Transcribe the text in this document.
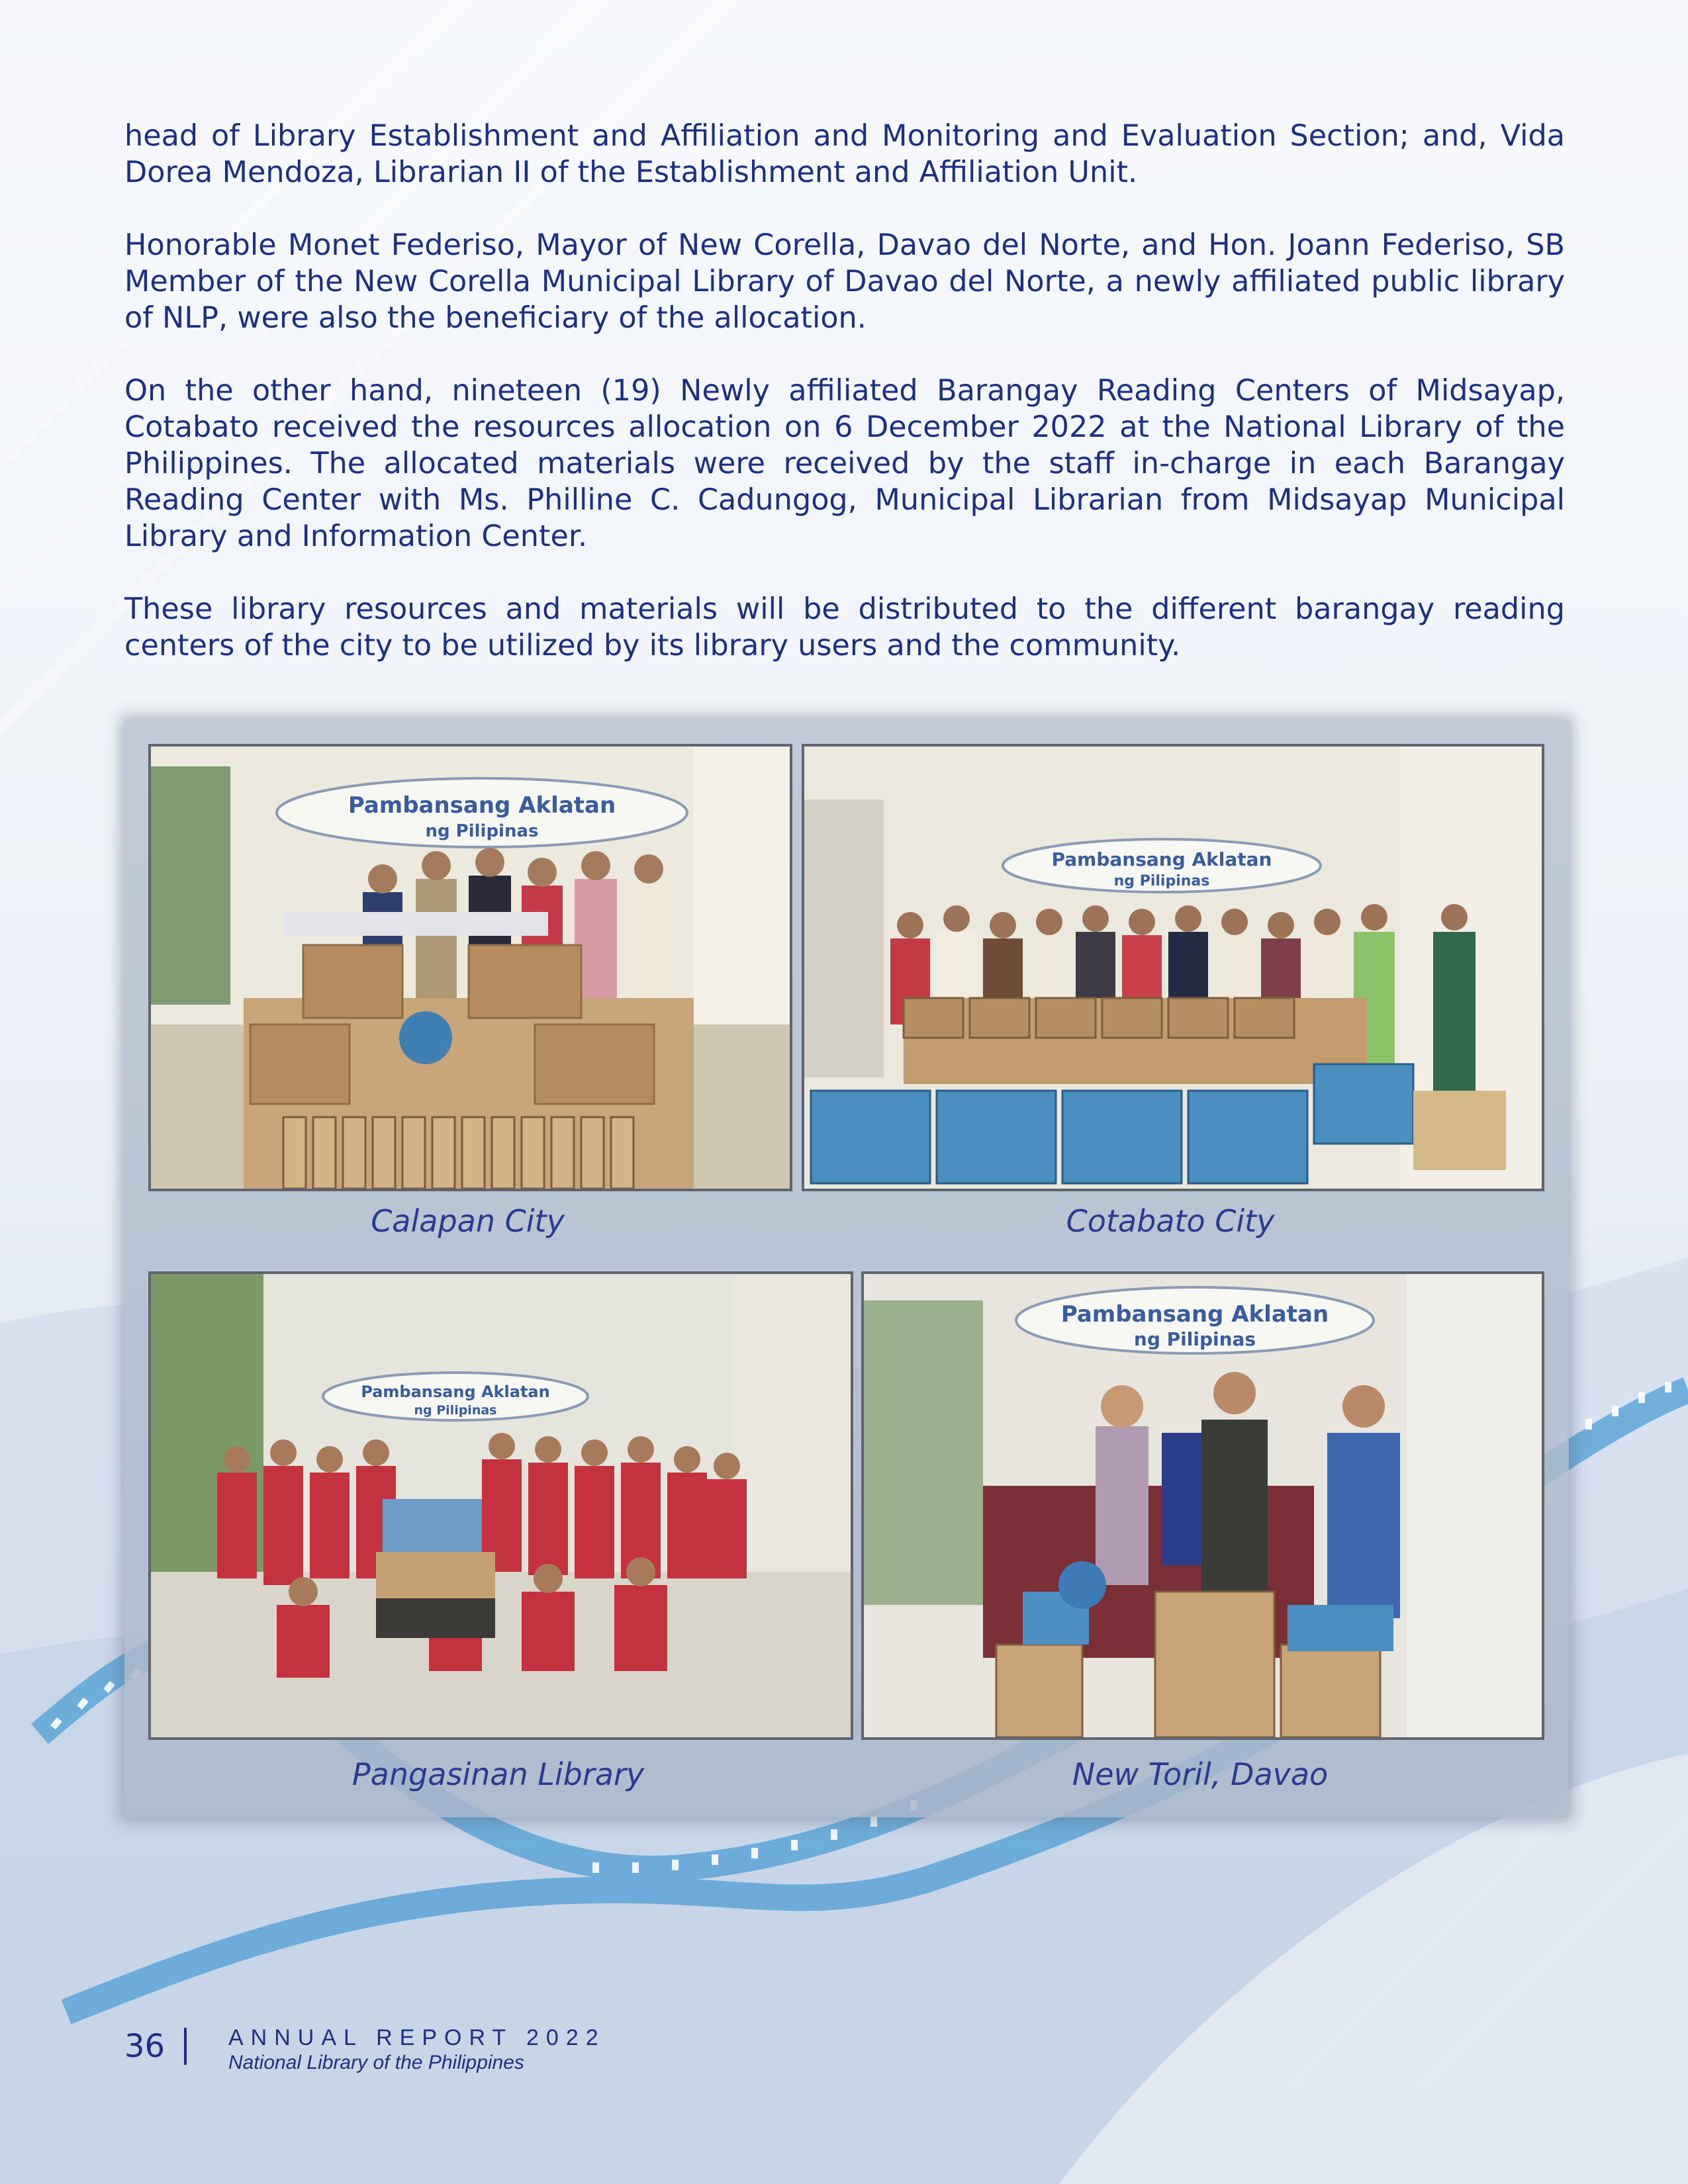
head of Library Establishment and Affiliation and Monitoring and Evaluation Section; and, Vida Dorea Mendoza, Librarian II of the Establishment and Affiliation Unit.

Honorable Monet Federiso, Mayor of New Corella, Davao del Norte, and Hon. Joann Federiso, SB Member of the New Corella Municipal Library of Davao del Norte, a newly affiliated public library of NLP, were also the beneficiary of the allocation.

On the other hand, nineteen (19) Newly affiliated Barangay Reading Centers of Midsayap, Cotabato received the resources allocation on 6 December 2022 at the National Library of the Philippines. The allocated materials were received by the staff in-charge in each Barangay Reading Center with Ms. Philline C. Cadungog, Municipal Librarian from Midsayap Municipal Library and Information Center.

These library resources and materials will be distributed to the different barangay reading centers of the city to be utilized by its library users and the community.

Pambansang Aklatan
ng Pilipinas
Pambansang Aklatan
ng Pilipinas
Pambansang Aklatan
ng Pilipinas
Pambansang Aklatan
ng Pilipinas
Calapan City	Cotabato City
Pangasinan Library	New Toril, Davao
36	ANNUAL REPORT 2022
National Library of the Philippines
